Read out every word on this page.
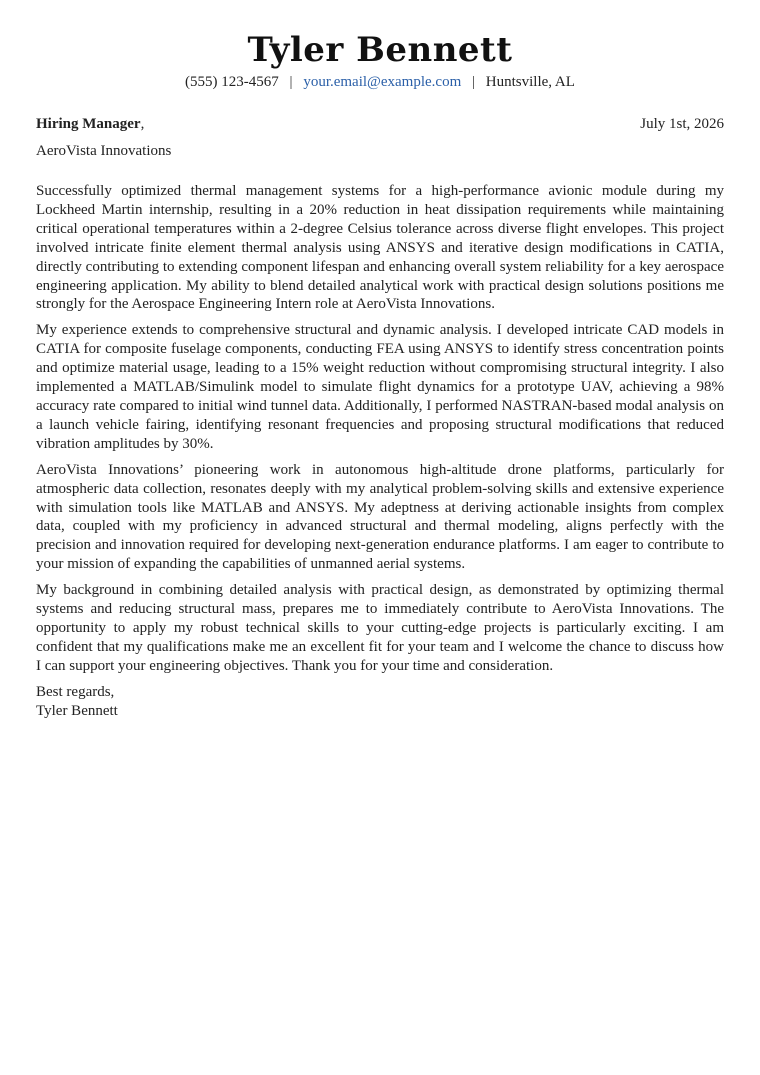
Tyler Bennett
(555) 123-4567 | your.email@example.com | Huntsville, AL
Hiring Manager,	July 1st, 2026
AeroVista Innovations

Successfully optimized thermal management systems for a high-performance avionic module during my Lockheed Martin internship, resulting in a 20% reduction in heat dissipation requirements while maintaining critical operational temperatures within a 2-degree Celsius tolerance across diverse flight envelopes. This project involved intricate finite element thermal analysis using ANSYS and iterative design modifications in CATIA, directly contributing to extending component lifespan and enhancing overall system reliability for a key aerospace engineering application. My ability to blend detailed analytical work with practical design solutions positions me strongly for the Aerospace Engineering Intern role at AeroVista Innovations.

My experience extends to comprehensive structural and dynamic analysis. I developed intricate CAD models in CATIA for composite fuselage components, conducting FEA using ANSYS to identify stress concentration points and optimize material usage, leading to a 15% weight reduction without compromising structural integrity. I also implemented a MATLAB/Simulink model to simulate flight dynamics for a prototype UAV, achieving a 98% accuracy rate compared to initial wind tunnel data. Additionally, I performed NASTRAN-based modal analysis on a launch vehicle fairing, identifying resonant frequencies and proposing structural modifications that reduced vibration amplitudes by 30%.

AeroVista Innovations’ pioneering work in autonomous high-altitude drone platforms, particularly for atmospheric data collection, resonates deeply with my analytical problem-solving skills and extensive experience with simulation tools like MATLAB and ANSYS. My adeptness at deriving actionable insights from complex data, coupled with my proficiency in advanced structural and thermal modeling, aligns perfectly with the precision and innovation required for developing next-generation endurance platforms. I am eager to contribute to your mission of expanding the capabilities of unmanned aerial systems.

My background in combining detailed analysis with practical design, as demonstrated by optimizing thermal systems and reducing structural mass, prepares me to immediately contribute to AeroVista Innovations. The opportunity to apply my robust technical skills to your cutting-edge projects is particularly exciting. I am confident that my qualifications make me an excellent fit for your team and I welcome the chance to discuss how I can support your engineering objectives. Thank you for your time and consideration.

Best regards,
Tyler Bennett
